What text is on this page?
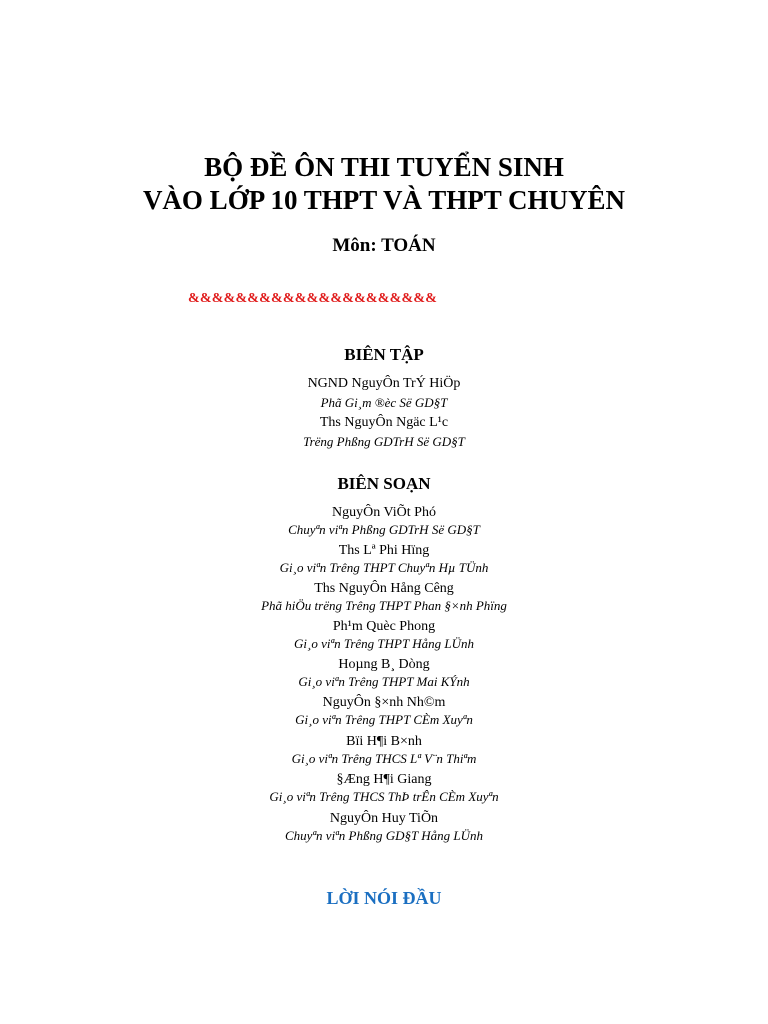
BỘ ĐỀ ÔN THI TUYỂN SINH
VÀO LỚP 10 THPT VÀ THPT CHUYÊN
Môn: TOÁN
&&&&&&&&&&&&&&&&&&&&&
BIÊN TẬP
NGND NguyÔn TrÝ HiÖp
Phã Gi¸m ®èc Së GD§T
Ths NguyÔn Ngäc L¹c
Trëng Phßng GDTrH Së GD§T
BIÊN SOẠN
NguyÔn ViÕt Phó
Chuyªn viªn Phßng GDTrH Së GD§T
Ths Lª Phi Hïng
Gi¸o viªn Trêng THPT Chuyªn Hµ TÜnh
Ths NguyÔn Hång Cêng
Phã hiÖu trëng Trêng THPT Phan §×nh Phïng
Ph¹m Quèc Phong
Gi¸o viªn Trêng THPT Hång LÜnh
Hoµng B¸ Dòng
Gi¸o viªn Trêng THPT Mai KÝnh
NguyÔn §×nh Nh©m
Gi¸o viªn Trêng THPT CÈm Xuyªn
Bïi H¶i B×nh
Gi¸o viªn Trêng THCS Lª V¨n Thiªm
§Æng H¶i Giang
Gi¸o viªn Trêng THCS ThÞ trÊn CÈm Xuyªn
NguyÔn Huy TiÕn
Chuyªn viªn Phßng GD§T Hång LÜnh
LỜI NÓI ĐẦU
